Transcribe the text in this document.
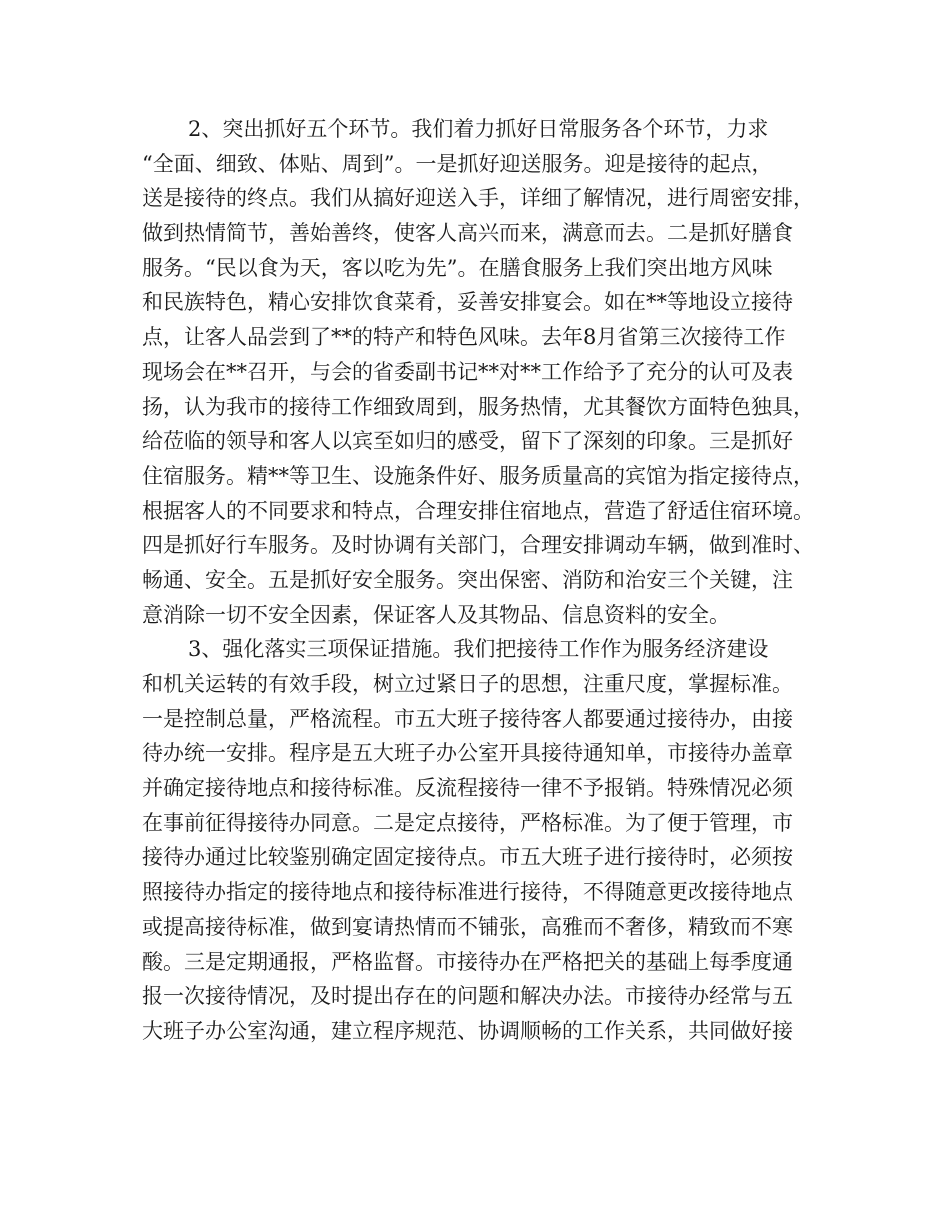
2、突出抓好五个环节。我们着力抓好日常服务各个环节，力求
“全面、细致、体贴、周到”。一是抓好迎送服务。迎是接待的起点，
送是接待的终点。我们从搞好迎送入手，详细了解情况，进行周密安排，
做到热情简节，善始善终，使客人高兴而来，满意而去。二是抓好膳食
服务。“民以食为天，客以吃为先”。在膳食服务上我们突出地方风味
和民族特色，精心安排饮食菜肴，妥善安排宴会。如在**等地设立接待
点，让客人品尝到了**的特产和特色风味。去年8月省第三次接待工作
现场会在**召开，与会的省委副书记**对**工作给予了充分的认可及表
扬，认为我市的接待工作细致周到，服务热情，尤其餐饮方面特色独具，
给莅临的领导和客人以宾至如归的感受，留下了深刻的印象。三是抓好
住宿服务。精**等卫生、设施条件好、服务质量高的宾馆为指定接待点，
根据客人的不同要求和特点，合理安排住宿地点，营造了舒适住宿环境。
四是抓好行车服务。及时协调有关部门，合理安排调动车辆，做到准时、
畅通、安全。五是抓好安全服务。突出保密、消防和治安三个关键，注
意消除一切不安全因素，保证客人及其物品、信息资料的安全。
3、强化落实三项保证措施。我们把接待工作作为服务经济建设
和机关运转的有效手段，树立过紧日子的思想，注重尺度，掌握标准。
一是控制总量，严格流程。市五大班子接待客人都要通过接待办，由接
待办统一安排。程序是五大班子办公室开具接待通知单，市接待办盖章
并确定接待地点和接待标准。反流程接待一律不予报销。特殊情况必须
在事前征得接待办同意。二是定点接待，严格标准。为了便于管理，市
接待办通过比较鉴别确定固定接待点。市五大班子进行接待时，必须按
照接待办指定的接待地点和接待标准进行接待，不得随意更改接待地点
或提高接待标准，做到宴请热情而不铺张，高雅而不奢侈，精致而不寒
酸。三是定期通报，严格监督。市接待办在严格把关的基础上每季度通
报一次接待情况，及时提出存在的问题和解决办法。市接待办经常与五
大班子办公室沟通，建立程序规范、协调顺畅的工作关系，共同做好接
